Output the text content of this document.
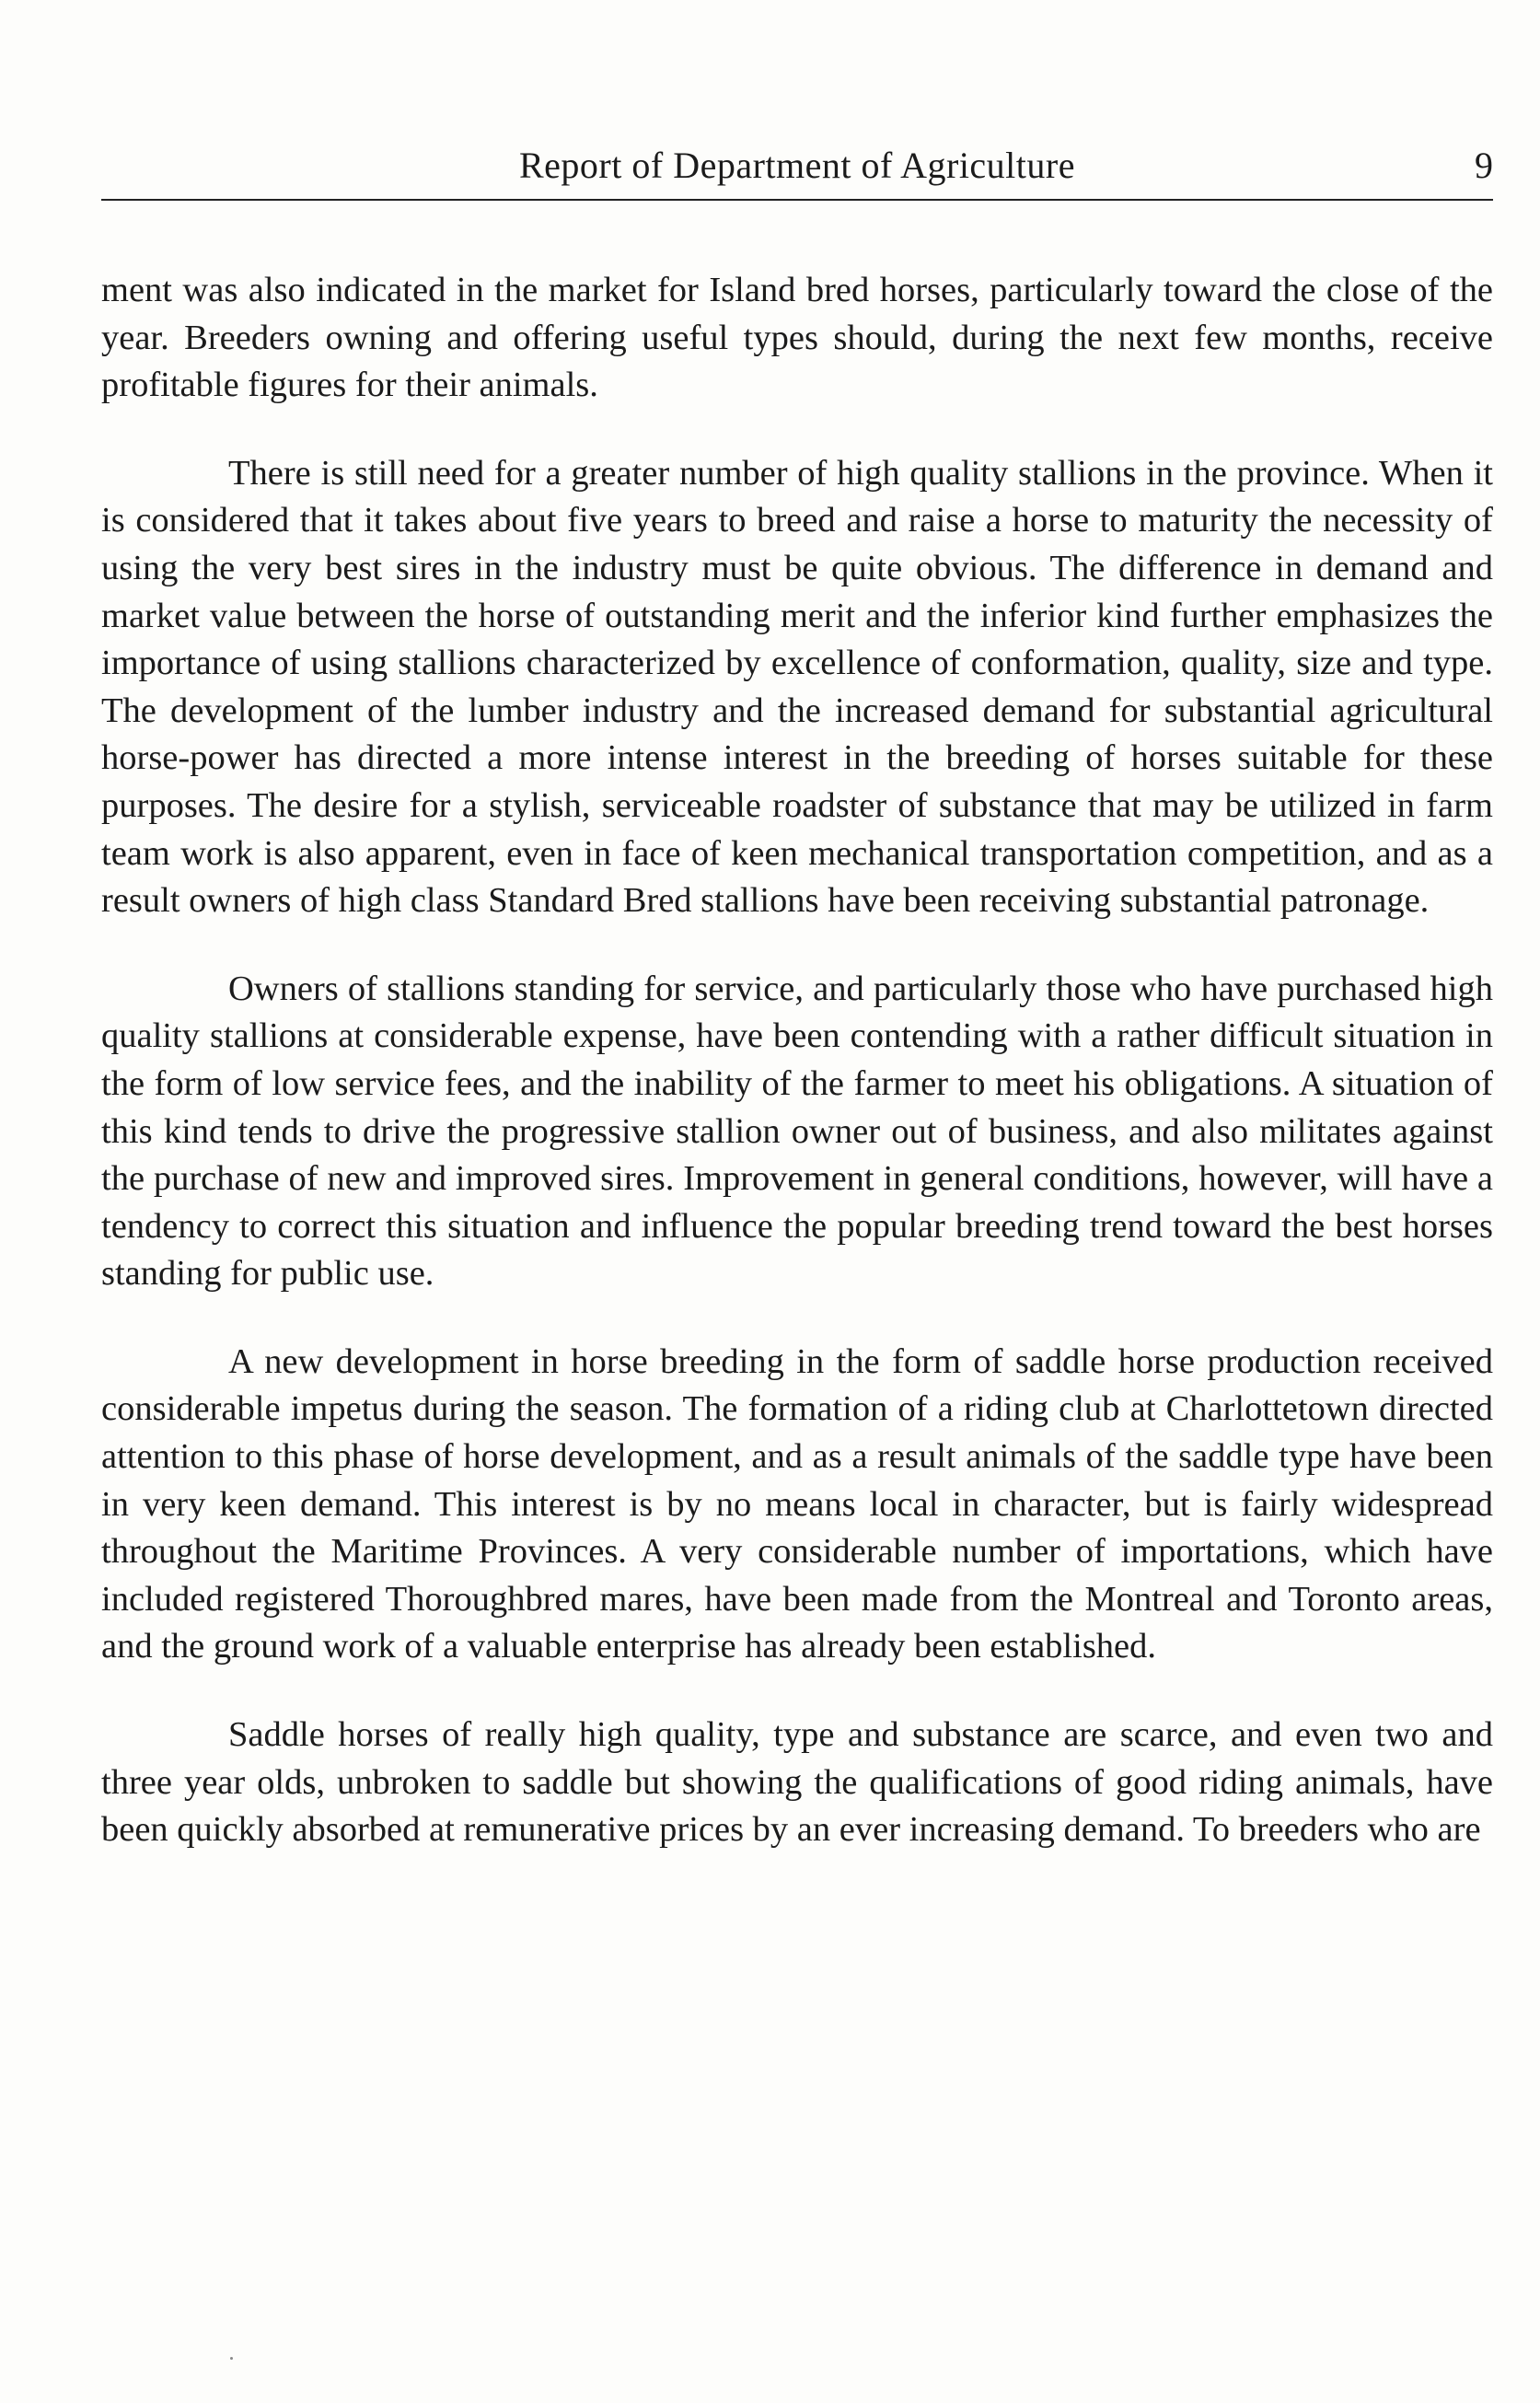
Report of Department of Agriculture	9

ment was also indicated in the market for Island bred horses, particularly toward the close of the year. Breeders owning and offering useful types should, during the next few months, receive profitable figures for their animals.

There is still need for a greater number of high quality stallions in the province. When it is considered that it takes about five years to breed and raise a horse to maturity the necessity of using the very best sires in the industry must be quite obvious. The difference in demand and market value between the horse of outstanding merit and the inferior kind further emphasizes the importance of using stallions characterized by excellence of conformation, quality, size and type. The development of the lumber industry and the increased demand for substantial agricultural horse-power has directed a more intense interest in the breeding of horses suitable for these purposes. The desire for a stylish, serviceable roadster of substance that may be utilized in farm team work is also apparent, even in face of keen mechanical transportation competition, and as a result owners of high class Standard Bred stallions have been receiving substantial patronage.

Owners of stallions standing for service, and particularly those who have purchased high quality stallions at considerable expense, have been contending with a rather difficult situation in the form of low service fees, and the inability of the farmer to meet his obligations. A situation of this kind tends to drive the progressive stallion owner out of business, and also militates against the purchase of new and improved sires. Improvement in general conditions, however, will have a tendency to correct this situation and influence the popular breeding trend toward the best horses standing for public use.

A new development in horse breeding in the form of saddle horse production received considerable impetus during the season. The formation of a riding club at Charlottetown directed attention to this phase of horse development, and as a result animals of the saddle type have been in very keen demand. This interest is by no means local in character, but is fairly widespread throughout the Maritime Provinces. A very considerable number of importations, which have included registered Thoroughbred mares, have been made from the Montreal and Toronto areas, and the ground work of a valuable enterprise has already been established.

Saddle horses of really high quality, type and substance are scarce, and even two and three year olds, unbroken to saddle but showing the qualifications of good riding animals, have been quickly absorbed at remunerative prices by an ever increasing demand. To breeders who are
